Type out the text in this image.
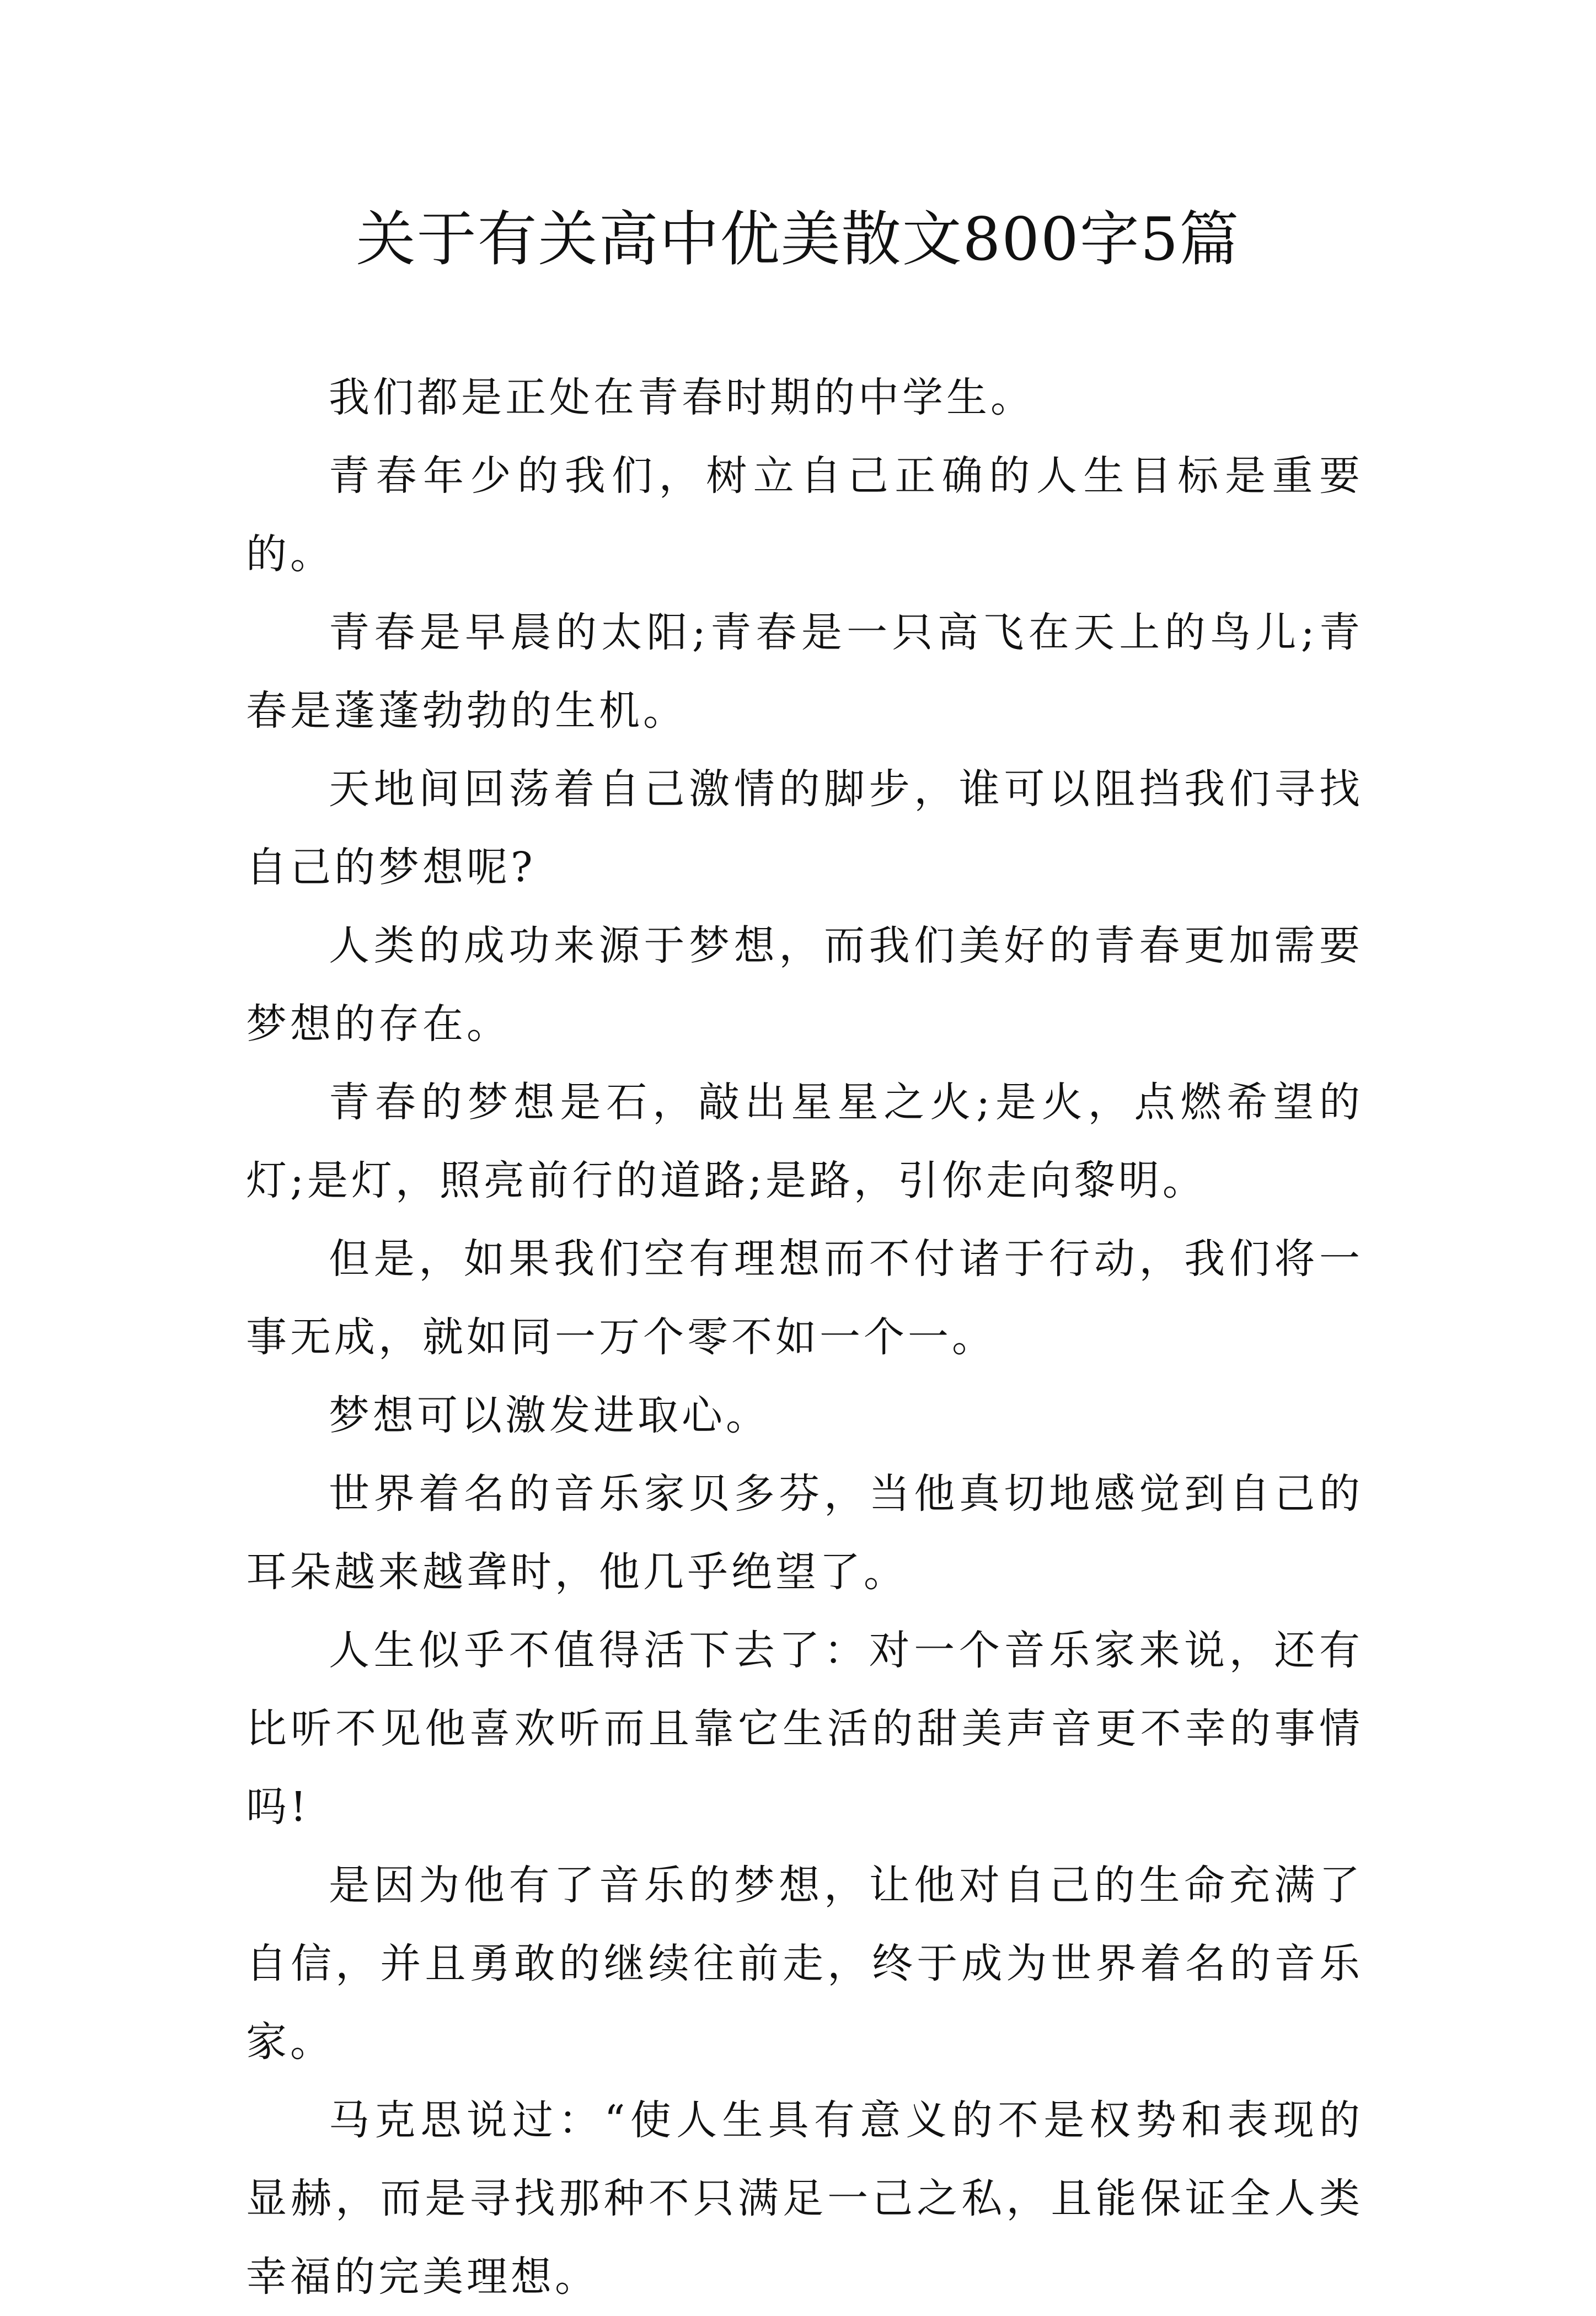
关于有关高中优美散文800字5篇

我们都是正处在青春时期的中学生。

青春年少的我们，树立自己正确的人生目标是重要的。

青春是早晨的太阳;青春是一只高飞在天上的鸟儿;青春是蓬蓬勃勃的生机。

天地间回荡着自己激情的脚步，谁可以阻挡我们寻找自己的梦想呢?

人类的成功来源于梦想，而我们美好的青春更加需要梦想的存在。

青春的梦想是石，敲出星星之火;是火，点燃希望的灯;是灯，照亮前行的道路;是路，引你走向黎明。

但是，如果我们空有理想而不付诸于行动，我们将一事无成，就如同一万个零不如一个一。

梦想可以激发进取心。

世界着名的音乐家贝多芬，当他真切地感觉到自己的耳朵越来越聋时，他几乎绝望了。

人生似乎不值得活下去了：对一个音乐家来说，还有比听不见他喜欢听而且靠它生活的甜美声音更不幸的事情吗!

是因为他有了音乐的梦想，让他对自己的生命充满了自信，并且勇敢的继续往前走，终于成为世界着名的音乐家。

马克思说过：“使人生具有意义的不是权势和表现的显赫，而是寻找那种不只满足一己之私，且能保证全人类幸福的完美理想。
